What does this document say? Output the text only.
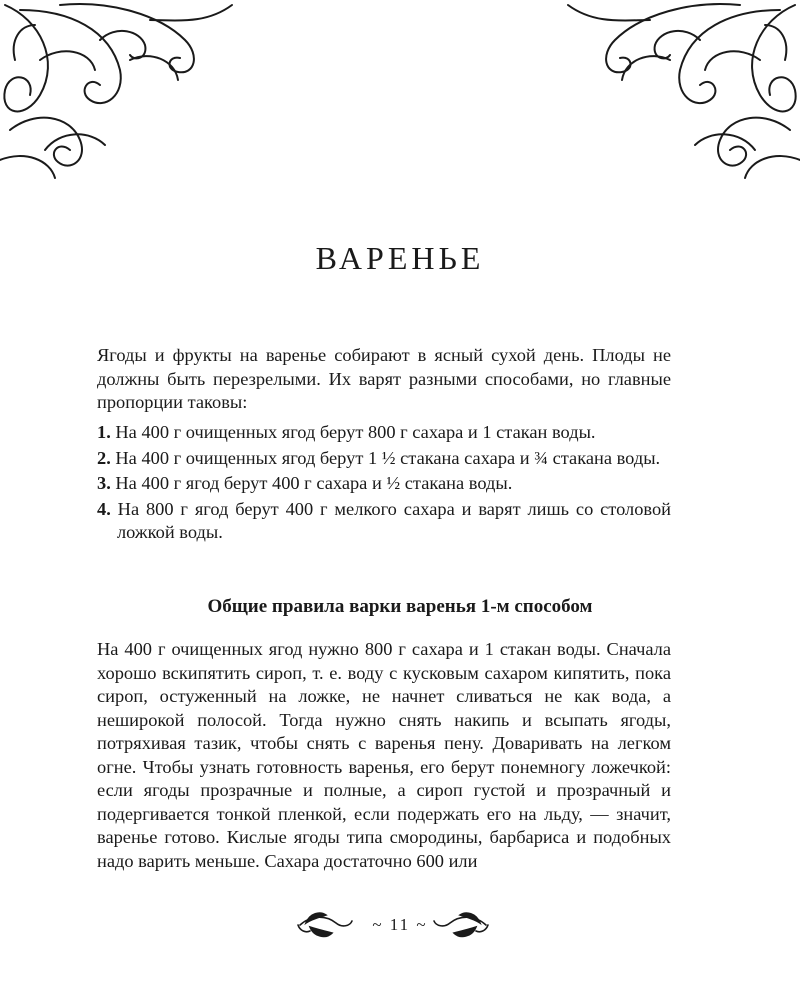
ВАРЕНЬЕ

Ягоды и фрукты на варенье собирают в ясный сухой день. Плоды не должны быть перезрелыми. Их варят разными способами, но главные пропорции таковы:

1. На 400 г очищенных ягод берут 800 г сахара и 1 стакан воды.
2. На 400 г очищенных ягод берут 1 ½ стакана сахара и ¾ стакана воды.
3. На 400 г ягод берут 400 г сахара и ½ стакана воды.
4. На 800 г ягод берут 400 г мелкого сахара и варят лишь со столовой ложкой воды.
Общие правила варки варенья 1-м способом

На 400 г очищенных ягод нужно 800 г сахара и 1 стакан воды. Сначала хорошо вскипятить сироп, т. е. воду с кусковым сахаром кипятить, пока сироп, остуженный на ложке, не начнет сливаться не как вода, а неширокой полосой. Тогда нужно снять накипь и всыпать ягоды, потряхивая тазик, чтобы снять с варенья пену. Доваривать на легком огне. Чтобы узнать готовность варенья, его берут понемногу ложечкой: если ягоды прозрачные и полные, а сироп густой и прозрачный и подергивается тонкой пленкой, если подержать его на льду, — значит, варенье готово. Кислые ягоды типа смородины, барбариса и подобных надо варить меньше. Сахара достаточно 600 или

~ 11 ~
